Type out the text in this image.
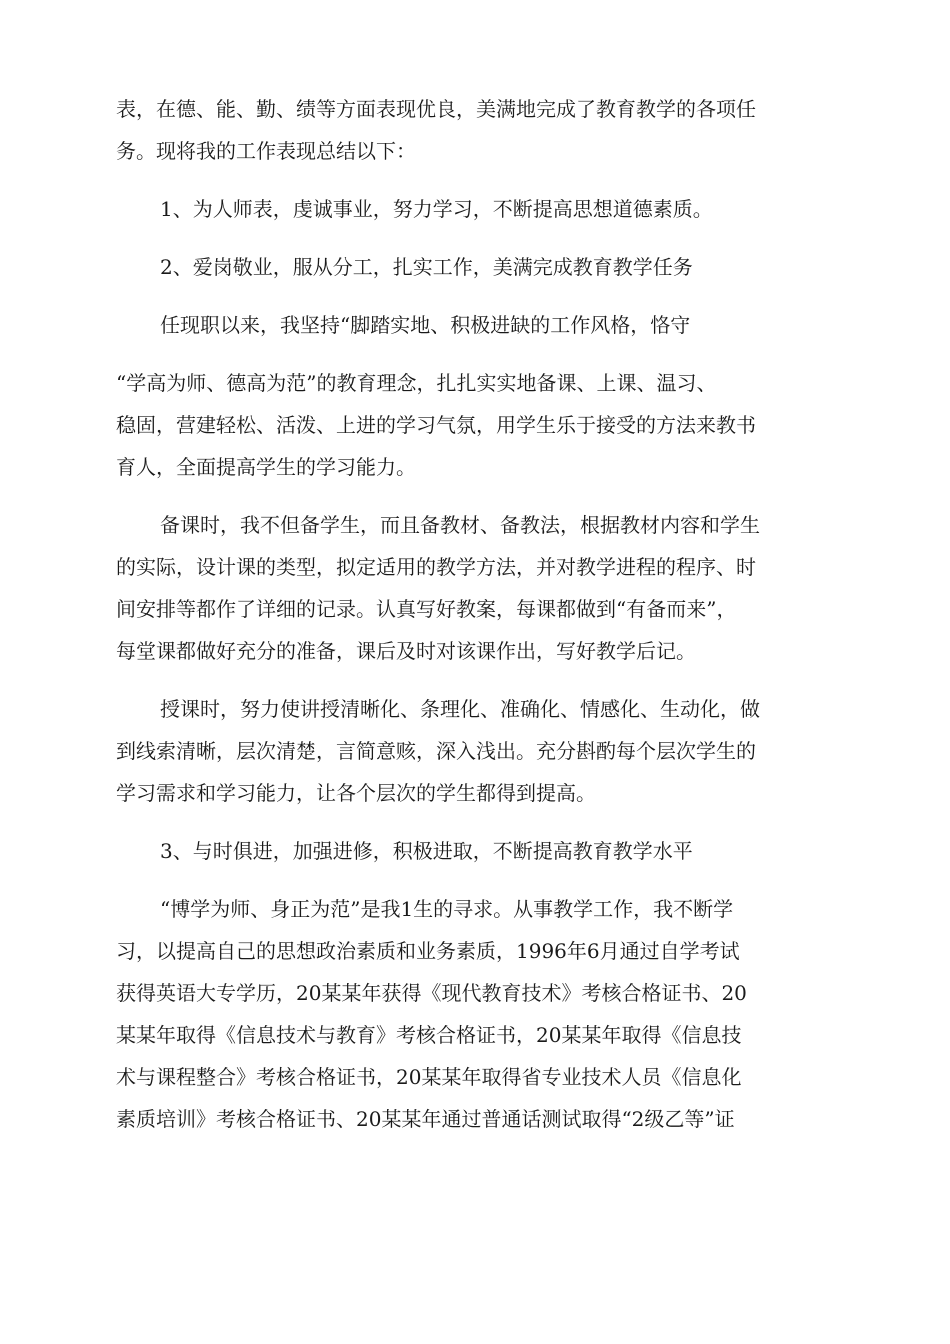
表，在德、能、勤、绩等方面表现优良，美满地完成了教育教学的各项任
务。现将我的工作表现总结以下：

1、为人师表，虔诚事业，努力学习，不断提高思想道德素质。

2、爱岗敬业，服从分工，扎实工作，美满完成教育教学任务

任现职以来，我坚持“脚踏实地、积极进缺的工作风格，恪守

“学高为师、德高为范”的教育理念，扎扎实实地备课、上课、温习、
稳固，营建轻松、活泼、上进的学习气氛，用学生乐于接受的方法来教书
育人，全面提高学生的学习能力。

备课时，我不但备学生，而且备教材、备教法，根据教材内容和学生
的实际，设计课的类型，拟定适用的教学方法，并对教学进程的程序、时
间安排等都作了详细的记录。认真写好教案，每课都做到“有备而来”，
每堂课都做好充分的准备，课后及时对该课作出，写好教学后记。

授课时，努力使讲授清晰化、条理化、准确化、情感化、生动化，做
到线索清晰，层次清楚，言简意赅，深入浅出。充分斟酌每个层次学生的
学习需求和学习能力，让各个层次的学生都得到提高。

3、与时俱进，加强进修，积极进取，不断提高教育教学水平

“博学为师、身正为范”是我1生的寻求。从事教学工作，我不断学
习，以提高自己的思想政治素质和业务素质，1996年6月通过自学考试
获得英语大专学历，20某某年获得《现代教育技术》考核合格证书、20
某某年取得《信息技术与教育》考核合格证书，20某某年取得《信息技
术与课程整合》考核合格证书，20某某年取得省专业技术人员《信息化
素质培训》考核合格证书、20某某年通过普通话测试取得“2级乙等”证
